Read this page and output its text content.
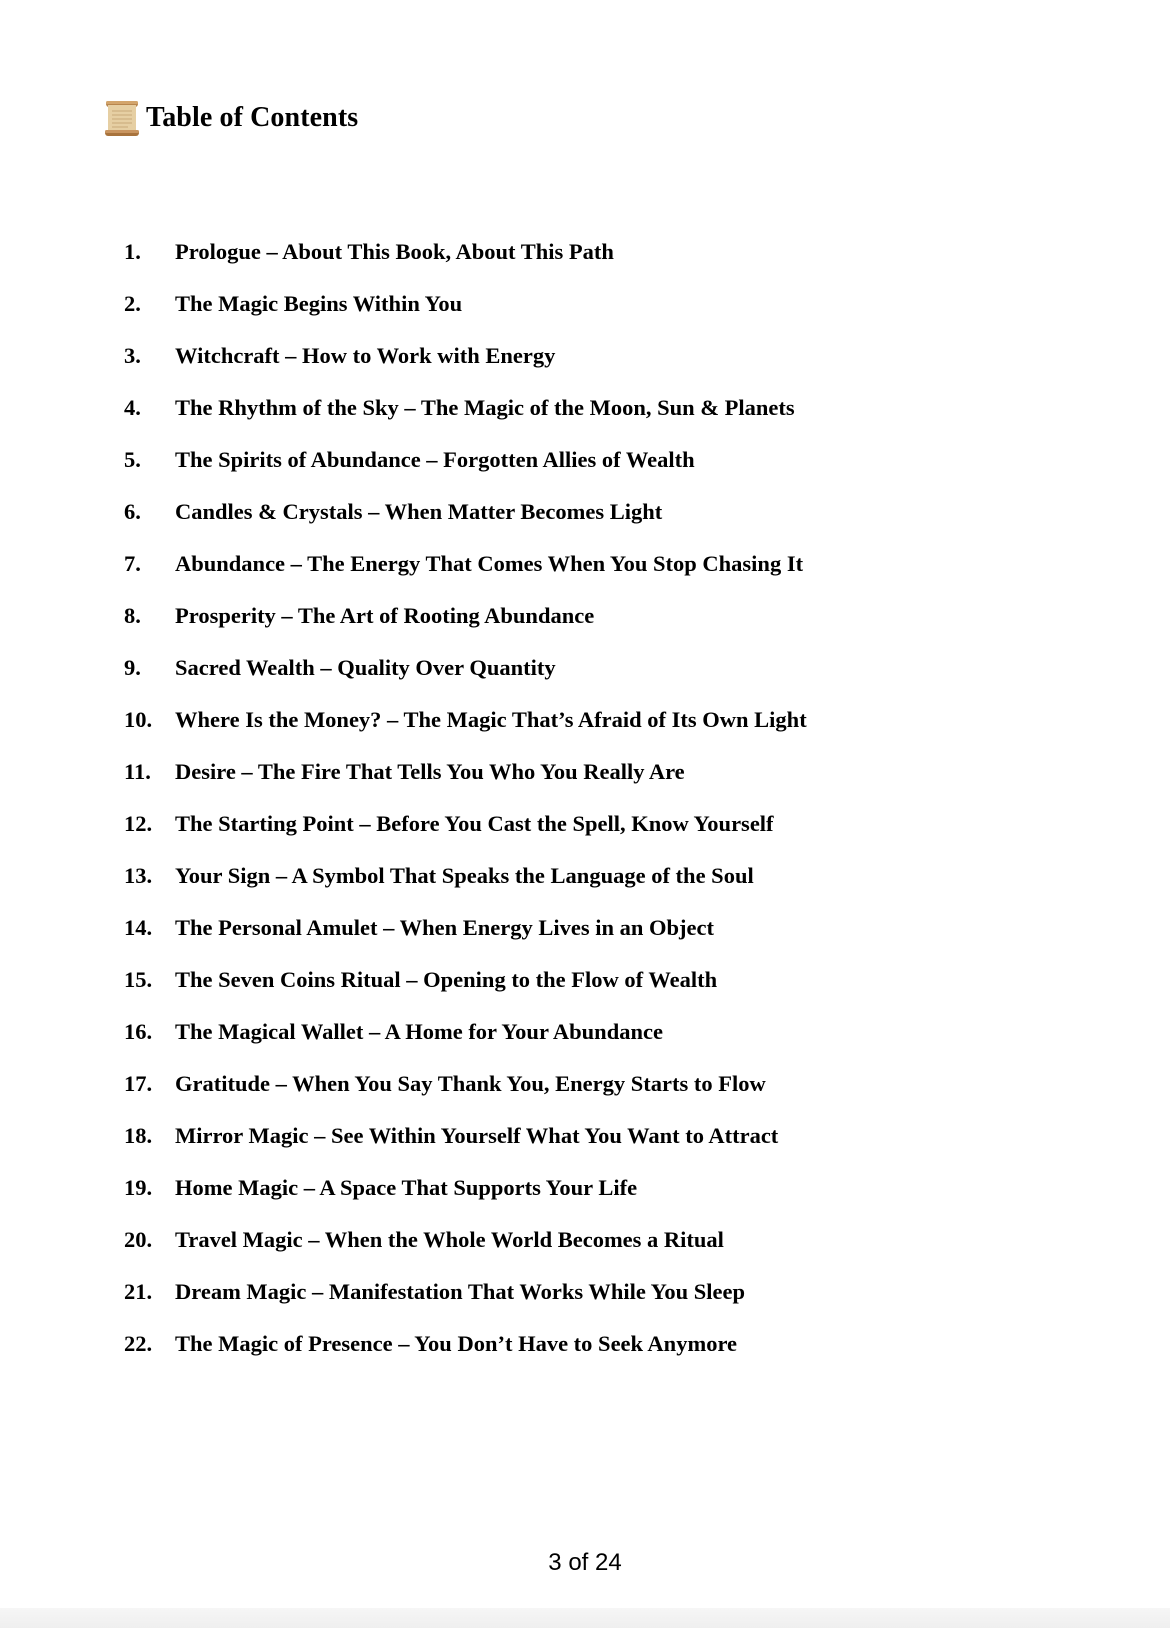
Table of Contents
1.	Prologue – About This Book, About This Path
2.	The Magic Begins Within You
3.	Witchcraft – How to Work with Energy
4.	The Rhythm of the Sky – The Magic of the Moon, Sun & Planets
5.	The Spirits of Abundance – Forgotten Allies of Wealth
6.	Candles & Crystals – When Matter Becomes Light
7.	Abundance – The Energy That Comes When You Stop Chasing It
8.	Prosperity – The Art of Rooting Abundance
9.	Sacred Wealth – Quality Over Quantity
10.	Where Is the Money? – The Magic That’s Afraid of Its Own Light
11.	Desire – The Fire That Tells You Who You Really Are
12.	The Starting Point – Before You Cast the Spell, Know Yourself
13.	Your Sign – A Symbol That Speaks the Language of the Soul
14.	The Personal Amulet – When Energy Lives in an Object
15.	The Seven Coins Ritual – Opening to the Flow of Wealth
16.	The Magical Wallet – A Home for Your Abundance
17.	Gratitude – When You Say Thank You, Energy Starts to Flow
18.	Mirror Magic – See Within Yourself What You Want to Attract
19.	Home Magic – A Space That Supports Your Life
20.	Travel Magic – When the Whole World Becomes a Ritual
21.	Dream Magic – Manifestation That Works While You Sleep
22.	The Magic of Presence – You Don’t Have to Seek Anymore
3 of 24
